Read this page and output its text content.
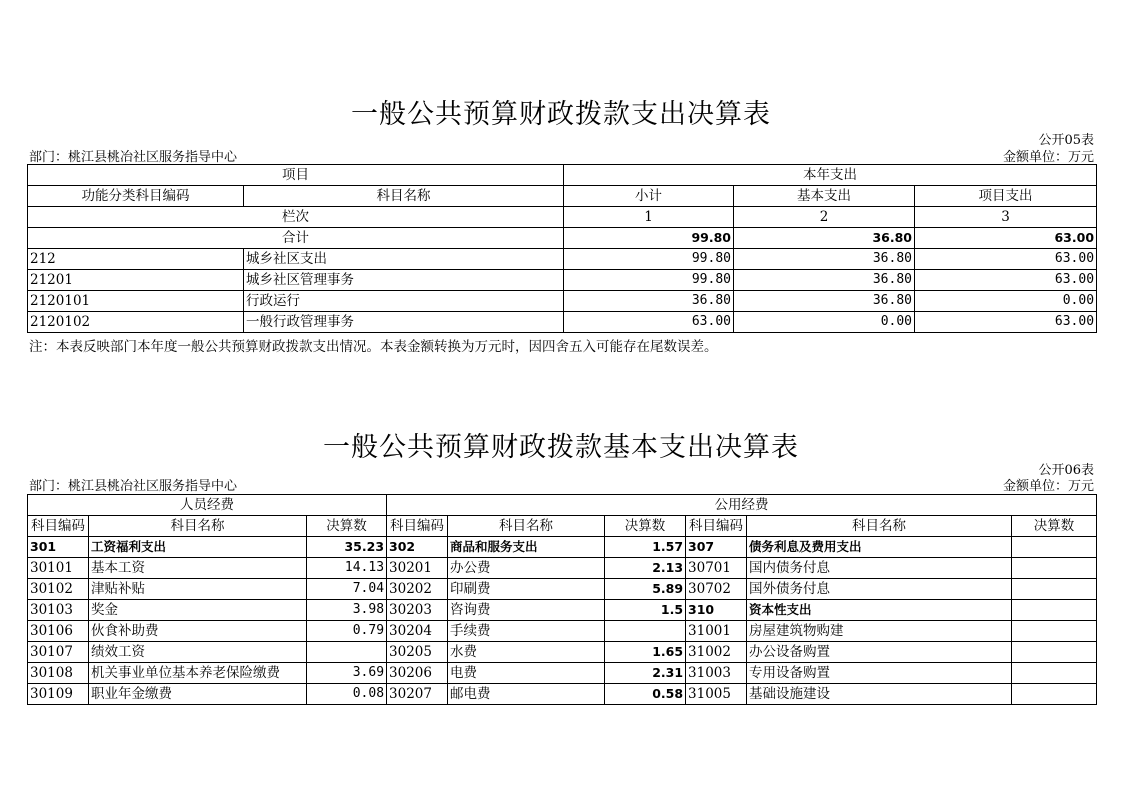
一般公共预算财政拨款支出决算表
公开05表
部门：桃江县桃冶社区服务指导中心	金额单位：万元
项目		本年支出		
功能分类科目编码	科目名称	小计	基本支出	项目支出
栏次		1	2	3
合计		99.80	36.80	63.00
212	城乡社区支出	99.80	36.80	63.00
21201	城乡社区管理事务	99.80	36.80	63.00
2120101	行政运行	36.80	36.80	0.00
2120102	一般行政管理事务	63.00	0.00	63.00
注：本表反映部门本年度一般公共预算财政拨款支出情况。本表金额转换为万元时，因四舍五入可能存在尾数误差。
一般公共预算财政拨款基本支出决算表
公开06表
部门：桃江县桃冶社区服务指导中心	金额单位：万元
人员经费			公用经费					
科目编码	科目名称	决算数	科目编码	科目名称	决算数	科目编码	科目名称	决算数
301	工资福利支出	35.23	302	商品和服务支出	1.57	307	债务利息及费用支出	
30101	基本工资	14.13	30201	办公费	2.13	30701	国内债务付息	
30102	津贴补贴	7.04	30202	印刷费	5.89	30702	国外债务付息	
30103	奖金	3.98	30203	咨询费	1.5	310	资本性支出	
30106	伙食补助费	0.79	30204	手续费		31001	房屋建筑物购建	
30107	绩效工资		30205	水费	1.65	31002	办公设备购置	
30108	机关事业单位基本养老保险缴费	3.69	30206	电费	2.31	31003	专用设备购置	
30109	职业年金缴费	0.08	30207	邮电费	0.58	31005	基础设施建设	
